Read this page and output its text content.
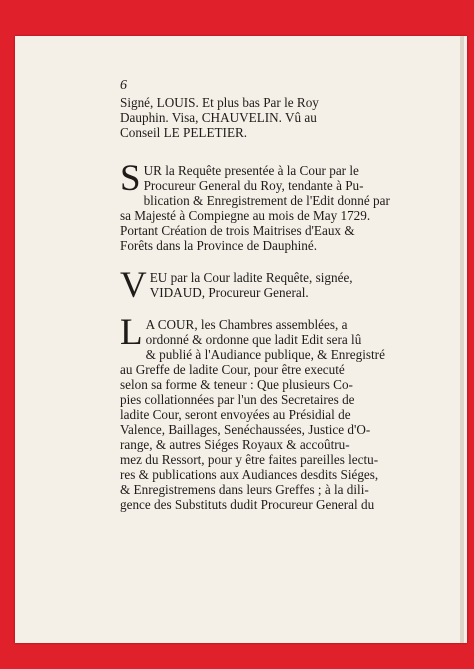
6
Signé, LOUIS. Et plus bas Par le Roy
Dauphin. Visa, CHAUVELIN. Vû au
Conseil LE PELETIER.
S UR la Requête presentée à la Cour par le
Procureur General du Roy, tendante à Pu-
blication & Enregistrement de l'Edit donné par
sa Majesté à Compiegne au mois de May 1729.
Portant Création de trois Maitrises d'Eaux &
Forêts dans la Province de Dauphiné.
V EU par la Cour ladite Requête, signée,
VIDAUD, Procureur General.
L A COUR, les Chambres assemblées, a
ordonné & ordonne que ladit Edit sera lû
& publié à l'Audiance publique, & Enregistré
au Greffe de ladite Cour, pour être executé
selon sa forme & teneur : Que plusieurs Co-
pies collationnées par l'un des Secretaires de
ladite Cour, seront envoyées au Présidial de
Valence, Baillages, Senéchaussées, Justice d'O-
range, & autres Siéges Royaux & accoûtru-
mez du Ressort, pour y être faites pareilles lectu-
res & publications aux Audiances desdits Siéges,
& Enregistremens dans leurs Greffes ; à la dili-
gence des Substituts dudit Procureur General du
